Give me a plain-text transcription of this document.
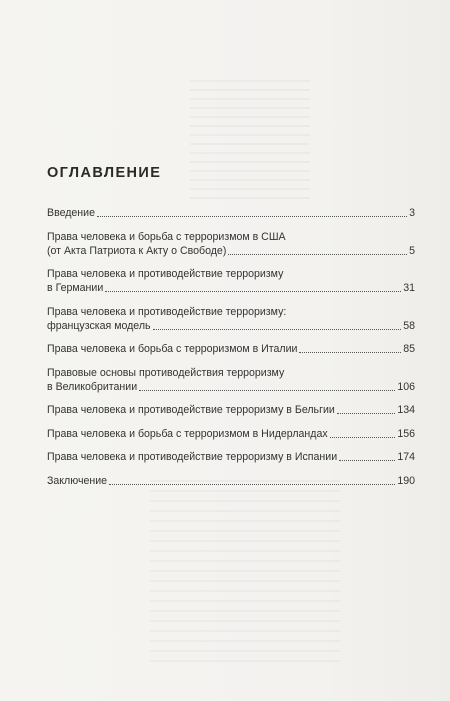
ОГЛАВЛЕНИЕ
Введение	3
Права человека и борьба с терроризмом в США
(от Акта Патриота к Акту о Свободе)	5
Права человека и противодействие терроризму
в Германии	31
Права человека и противодействие терроризму:
французская модель	58
Права человека и борьба с терроризмом в Италии	85
Правовые основы противодействия терроризму
в Великобритании	106
Права человека и противодействие терроризму в Бельгии	134
Права человека и борьба с терроризмом в Нидерландах	156
Права человека и противодействие терроризму в Испании	174
Заключение	190
